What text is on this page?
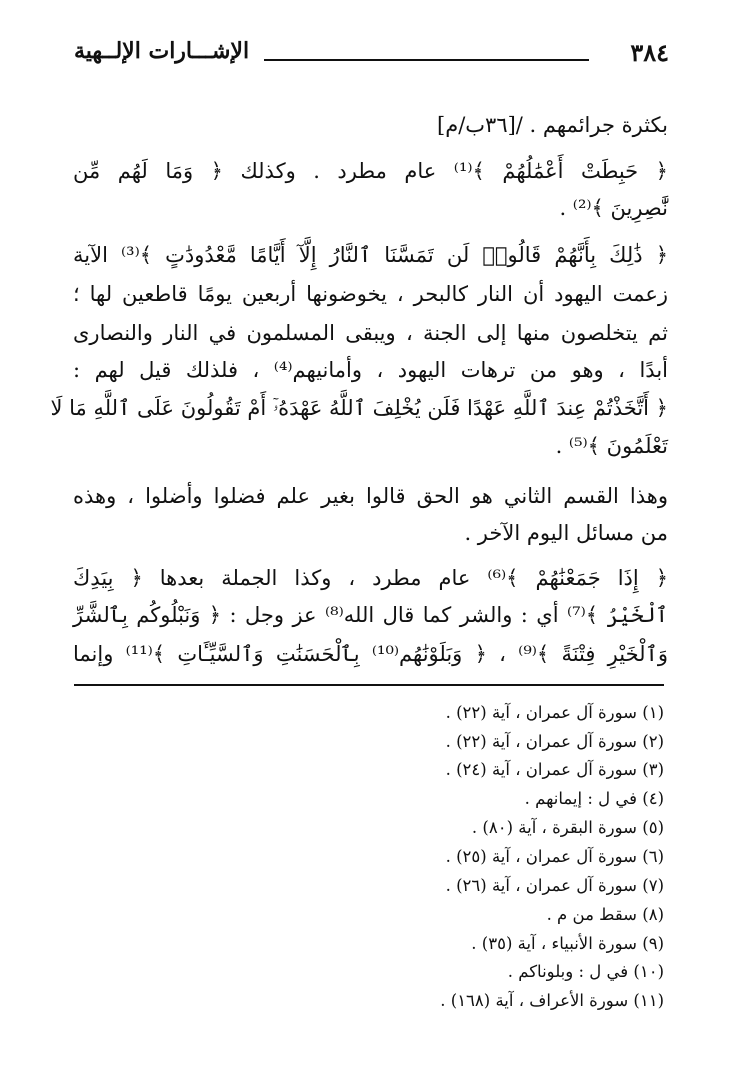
٣٨٤
الإشـــارات الإلــهية
بكثرة جرائمهم . /[٣٦ب/م]
﴿ حَبِطَتْ أَعْمَٰلُهُمْ ﴾⁽¹⁾ عام مطرد . وكذلك ﴿ وَمَا لَهُم مِّن
نَّٰصِرِينَ ﴾⁽²⁾ .
﴿ ذَٰلِكَ بِأَنَّهُمْ قَالُوا۟ لَن تَمَسَّنَا ٱلنَّارُ إِلَّآ أَيَّامًا مَّعْدُودَٰتٍ ﴾⁽³⁾ الآية
زعمت اليهود أن النار كالبحر ، يخوضونها أربعين يومًا قاطعين لها ؛
ثم يتخلصون منها إلى الجنة ، ويبقى المسلمون في النار والنصارى
أبدًا ، وهو من ترهات اليهود ، وأمانيهم⁽⁴⁾ ، فلذلك قيل لهم :
﴿ أَتَّخَذْتُمْ عِندَ ٱللَّهِ عَهْدًا فَلَن يُخْلِفَ ٱللَّهُ عَهْدَهُۥٓ أَمْ تَقُولُونَ عَلَى ٱللَّهِ مَا لَا
تَعْلَمُونَ ﴾⁽⁵⁾ .
وهذا القسم الثاني هو الحق قالوا بغير علم فضلوا وأضلوا ، وهذه
من مسائل اليوم الآخر .
﴿ إِذَا جَمَعْنَٰهُمْ ﴾⁽⁶⁾ عام مطرد ، وكذا الجملة بعدها ﴿ بِيَدِكَ
ٱلْخَيْرُ ﴾⁽⁷⁾ أي : والشر كما قال الله⁽⁸⁾ عز وجل : ﴿ وَنَبْلُوكُم بِٱلشَّرِّ
وَٱلْخَيْرِ فِتْنَةً ﴾⁽⁹⁾ ، ﴿ وَبَلَوْنَٰهُم⁽¹⁰⁾ بِٱلْحَسَنَٰتِ وَٱلسَّيِّـَٔاتِ ﴾⁽¹¹⁾ وإنما
(١) سورة آل عمران ، آية (٢٢) .
(٢) سورة آل عمران ، آية (٢٢) .
(٣) سورة آل عمران ، آية (٢٤) .
(٤) في ل : إيمانهم .
(٥) سورة البقرة ، آية (٨٠) .
(٦) سورة آل عمران ، آية (٢٥) .
(٧) سورة آل عمران ، آية (٢٦) .
(٨) سقط من م .
(٩) سورة الأنبياء ، آية (٣٥) .
(١٠) في ل : وبلوناكم .
(١١) سورة الأعراف ، آية (١٦٨) .
